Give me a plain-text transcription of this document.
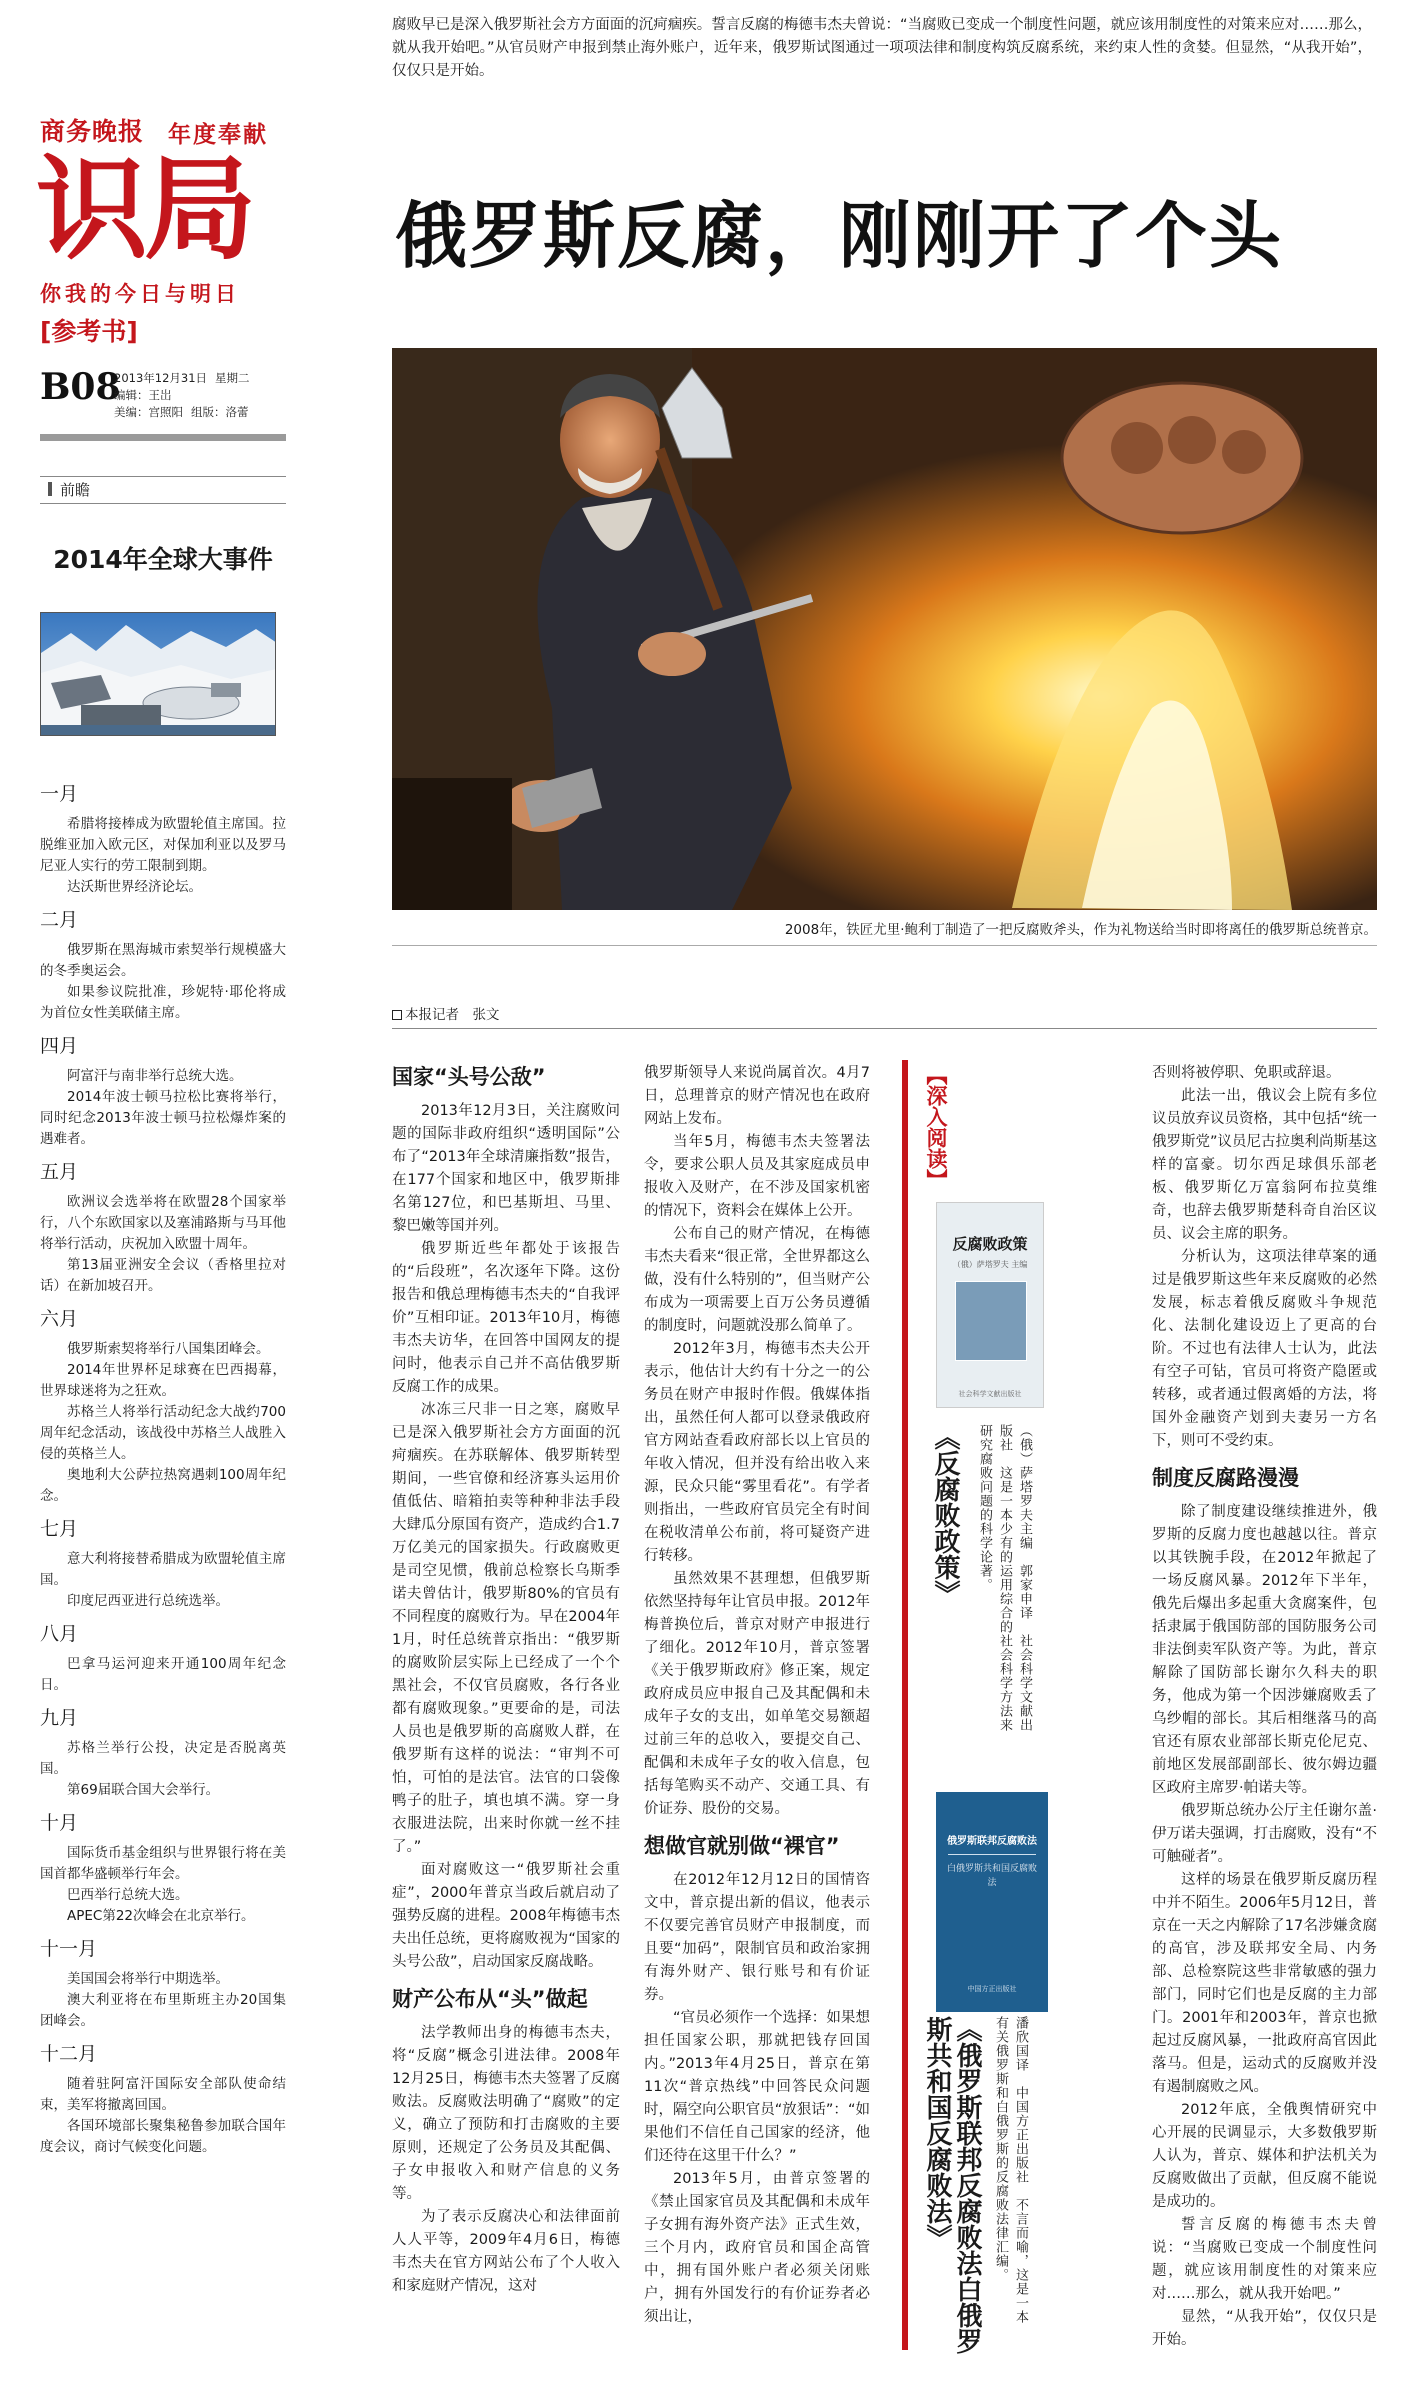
腐败早已是深入俄罗斯社会方方面面的沉疴痼疾。誓言反腐的梅德韦杰夫曾说：“当腐败已变成一个制度性问题，就应该用制度性的对策来应对……那么，就从我开始吧。”从官员财产申报到禁止海外账户，近年来，俄罗斯试图通过一项项法律和制度构筑反腐系统，来约束人性的贪婪。但显然，“从我开始”，仅仅只是开始。

商务晚报 年度奉献
识局
你我的今日与明日
[参考书]
B08
2013年12月31日 星期二
编辑：王岀
美编：宫照阳 组版：洛蕾
前瞻
2014年全球大事件
一月

希腊将接棒成为欧盟轮值主席国。拉脱维亚加入欧元区，对保加利亚以及罗马尼亚人实行的劳工限制到期。

达沃斯世界经济论坛。

二月

俄罗斯在黑海城市索契举行规模盛大的冬季奥运会。

如果参议院批准，珍妮特·耶伦将成为首位女性美联储主席。

四月

阿富汗与南非举行总统大选。

2014年波士顿马拉松比赛将举行，同时纪念2013年波士顿马拉松爆炸案的遇难者。

五月

欧洲议会选举将在欧盟28个国家举行，八个东欧国家以及塞浦路斯与马耳他将举行活动，庆祝加入欧盟十周年。

第13届亚洲安全会议（香格里拉对话）在新加坡召开。

六月

俄罗斯索契将举行八国集团峰会。

2014年世界杯足球赛在巴西揭幕，世界球迷将为之狂欢。

苏格兰人将举行活动纪念大战约700周年纪念活动，该战役中苏格兰人战胜入侵的英格兰人。

奥地利大公萨拉热窝遇刺100周年纪念。

七月

意大利将接替希腊成为欧盟轮值主席国。

印度尼西亚进行总统选举。

八月

巴拿马运河迎来开通100周年纪念日。

九月

苏格兰举行公投，决定是否脱离英国。

第69届联合国大会举行。

十月

国际货币基金组织与世界银行将在美国首都华盛顿举行年会。

巴西举行总统大选。

APEC第22次峰会在北京举行。

十一月

美国国会将举行中期选举。

澳大利亚将在布里斯班主办20国集团峰会。

十二月

随着驻阿富汗国际安全部队使命结束，美军将撤离回国。

各国环境部长聚集秘鲁参加联合国年度会议，商讨气候变化问题。

俄罗斯反腐，刚刚开了个头
2008年，铁匠尤里·鲍利丁制造了一把反腐败斧头，作为礼物送给当时即将离任的俄罗斯总统普京。
本报记者　张文
国家“头号公敌”

2013年12月3日，关注腐败问题的国际非政府组织“透明国际”公布了“2013年全球清廉指数”报告，在177个国家和地区中，俄罗斯排名第127位，和巴基斯坦、马里、黎巴嫩等国并列。

俄罗斯近些年都处于该报告的“后段班”，名次逐年下降。这份报告和俄总理梅德韦杰夫的“自我评价”互相印证。2013年10月，梅德韦杰夫访华，在回答中国网友的提问时，他表示自己并不高估俄罗斯反腐工作的成果。

冰冻三尺非一日之寒，腐败早已是深入俄罗斯社会方方面面的沉疴痼疾。在苏联解体、俄罗斯转型期间，一些官僚和经济寡头运用价值低估、暗箱拍卖等种种非法手段大肆瓜分原国有资产，造成约合1.7万亿美元的国家损失。行政腐败更是司空见惯，俄前总检察长乌斯季诺夫曾估计，俄罗斯80%的官员有不同程度的腐败行为。早在2004年1月，时任总统普京指出：“俄罗斯的腐败阶层实际上已经成了一个个黑社会，不仅官员腐败，各行各业都有腐败现象。”更要命的是，司法人员也是俄罗斯的高腐败人群，在俄罗斯有这样的说法：“审判不可怕，可怕的是法官。法官的口袋像鸭子的肚子，填也填不满。穿一身衣服进法院，出来时你就一丝不挂了。”

面对腐败这一“俄罗斯社会重症”，2000年普京当政后就启动了强势反腐的进程。2008年梅德韦杰夫出任总统，更将腐败视为“国家的头号公敌”，启动国家反腐战略。

财产公布从“头”做起

法学教师出身的梅德韦杰夫，将“反腐”概念引进法律。2008年12月25日，梅德韦杰夫签署了反腐败法。反腐败法明确了“腐败”的定义，确立了预防和打击腐败的主要原则，还规定了公务员及其配偶、子女申报收入和财产信息的义务等。

为了表示反腐决心和法律面前人人平等，2009年4月6日，梅德韦杰夫在官方网站公布了个人收入和家庭财产情况，这对

俄罗斯领导人来说尚属首次。4月7日，总理普京的财产情况也在政府网站上发布。

当年5月，梅德韦杰夫签署法令，要求公职人员及其家庭成员申报收入及财产，在不涉及国家机密的情况下，资料会在媒体上公开。

公布自己的财产情况，在梅德韦杰夫看来“很正常，全世界都这么做，没有什么特别的”，但当财产公布成为一项需要上百万公务员遵循的制度时，问题就没那么简单了。

2012年3月，梅德韦杰夫公开表示，他估计大约有十分之一的公务员在财产申报时作假。俄媒体指出，虽然任何人都可以登录俄政府官方网站查看政府部长以上官员的年收入情况，但并没有给出收入来源，民众只能“雾里看花”。有学者则指出，一些政府官员完全有时间在税收清单公布前，将可疑资产进行转移。

虽然效果不甚理想，但俄罗斯依然坚持每年让官员申报。2012年梅普换位后，普京对财产申报进行了细化。2012年10月，普京签署《关于俄罗斯政府》修正案，规定政府成员应申报自己及其配偶和未成年子女的支出，如单笔交易额超过前三年的总收入，要提交自己、配偶和未成年子女的收入信息，包括每笔购买不动产、交通工具、有价证券、股份的交易。

想做官就别做“裸官”

在2012年12月12日的国情咨文中，普京提出新的倡议，他表示不仅要完善官员财产申报制度，而且要“加码”，限制官员和政治家拥有海外财产、银行账号和有价证券。

“官员必须作一个选择：如果想担任国家公职，那就把钱存回国内。”2013年4月25日，普京在第11次“普京热线”中回答民众问题时，隔空向公职官员“放狠话”：“如果他们不信任自己国家的经济，他们还待在这里干什么？”

2013年5月，由普京签署的《禁止国家官员及其配偶和未成年子女拥有海外资产法》正式生效，三个月内，政府官员和国企高管中，拥有国外账户者必须关闭账户，拥有外国发行的有价证券者必须出让，

否则将被停职、免职或辞退。

此法一出，俄议会上院有多位议员放弃议员资格，其中包括“统一俄罗斯党”议员尼古拉奥利尚斯基这样的富豪。切尔西足球俱乐部老板、俄罗斯亿万富翁阿布拉莫维奇，也辞去俄罗斯楚科奇自治区议员、议会主席的职务。

分析认为，这项法律草案的通过是俄罗斯这些年来反腐败的必然发展，标志着俄反腐败斗争规范化、法制化建设迈上了更高的台阶。不过也有法律人士认为，此法有空子可钻，官员可将资产隐匿或转移，或者通过假离婚的方法，将国外金融资产划到夫妻另一方名下，则可不受约束。

制度反腐路漫漫

除了制度建设继续推进外，俄罗斯的反腐力度也越越以往。普京以其铁腕手段，在2012年掀起了一场反腐风暴。2012年下半年，俄先后爆出多起重大贪腐案件，包括隶属于俄国防部的国防服务公司非法倒卖军队资产等。为此，普京解除了国防部长谢尔久科夫的职务，他成为第一个因涉嫌腐败丢了乌纱帽的部长。其后相继落马的高官还有原农业部部长斯克伦尼克、前地区发展部副部长、彼尔姆边疆区政府主席罗·帕诺夫等。

俄罗斯总统办公厅主任谢尔盖·伊万诺夫强调，打击腐败，没有“不可触碰者”。

这样的场景在俄罗斯反腐历程中并不陌生。2006年5月12日，普京在一天之内解除了17名涉嫌贪腐的高官，涉及联邦安全局、内务部、总检察院这些非常敏感的强力部门，同时它们也是反腐的主力部门。2001年和2003年，普京也掀起过反腐风暴，一批政府高官因此落马。但是，运动式的反腐败并没有遏制腐败之风。

2012年底，全俄舆情研究中心开展的民调显示，大多数俄罗斯人认为，普京、媒体和护法机关为反腐败做出了贡献，但反腐不能说是成功的。

誓言反腐的梅德韦杰夫曾说：“当腐败已变成一个制度性问题，就应该用制度性的对策来应对……那么，就从我开始吧。”

显然，“从我开始”，仅仅只是开始。

【深入阅读】
反腐败政策
（俄）萨塔罗夫 主编
社会科学文献出版社
《反腐败政策》	（俄）萨塔罗夫主编　郭家申译　社会科学文献出版社　这是一本少有的运用综合的社会科学方法来研究腐败问题的科学论著。
俄罗斯联邦反腐败法
白俄罗斯共和国反腐败法
中国方正出版社
《俄罗斯联邦反腐败法白俄罗斯共和国反腐败法》	潘欣国译　中国方正出版社　不言而喻，这是一本有关俄罗斯和白俄罗斯的反腐败法律汇编。
